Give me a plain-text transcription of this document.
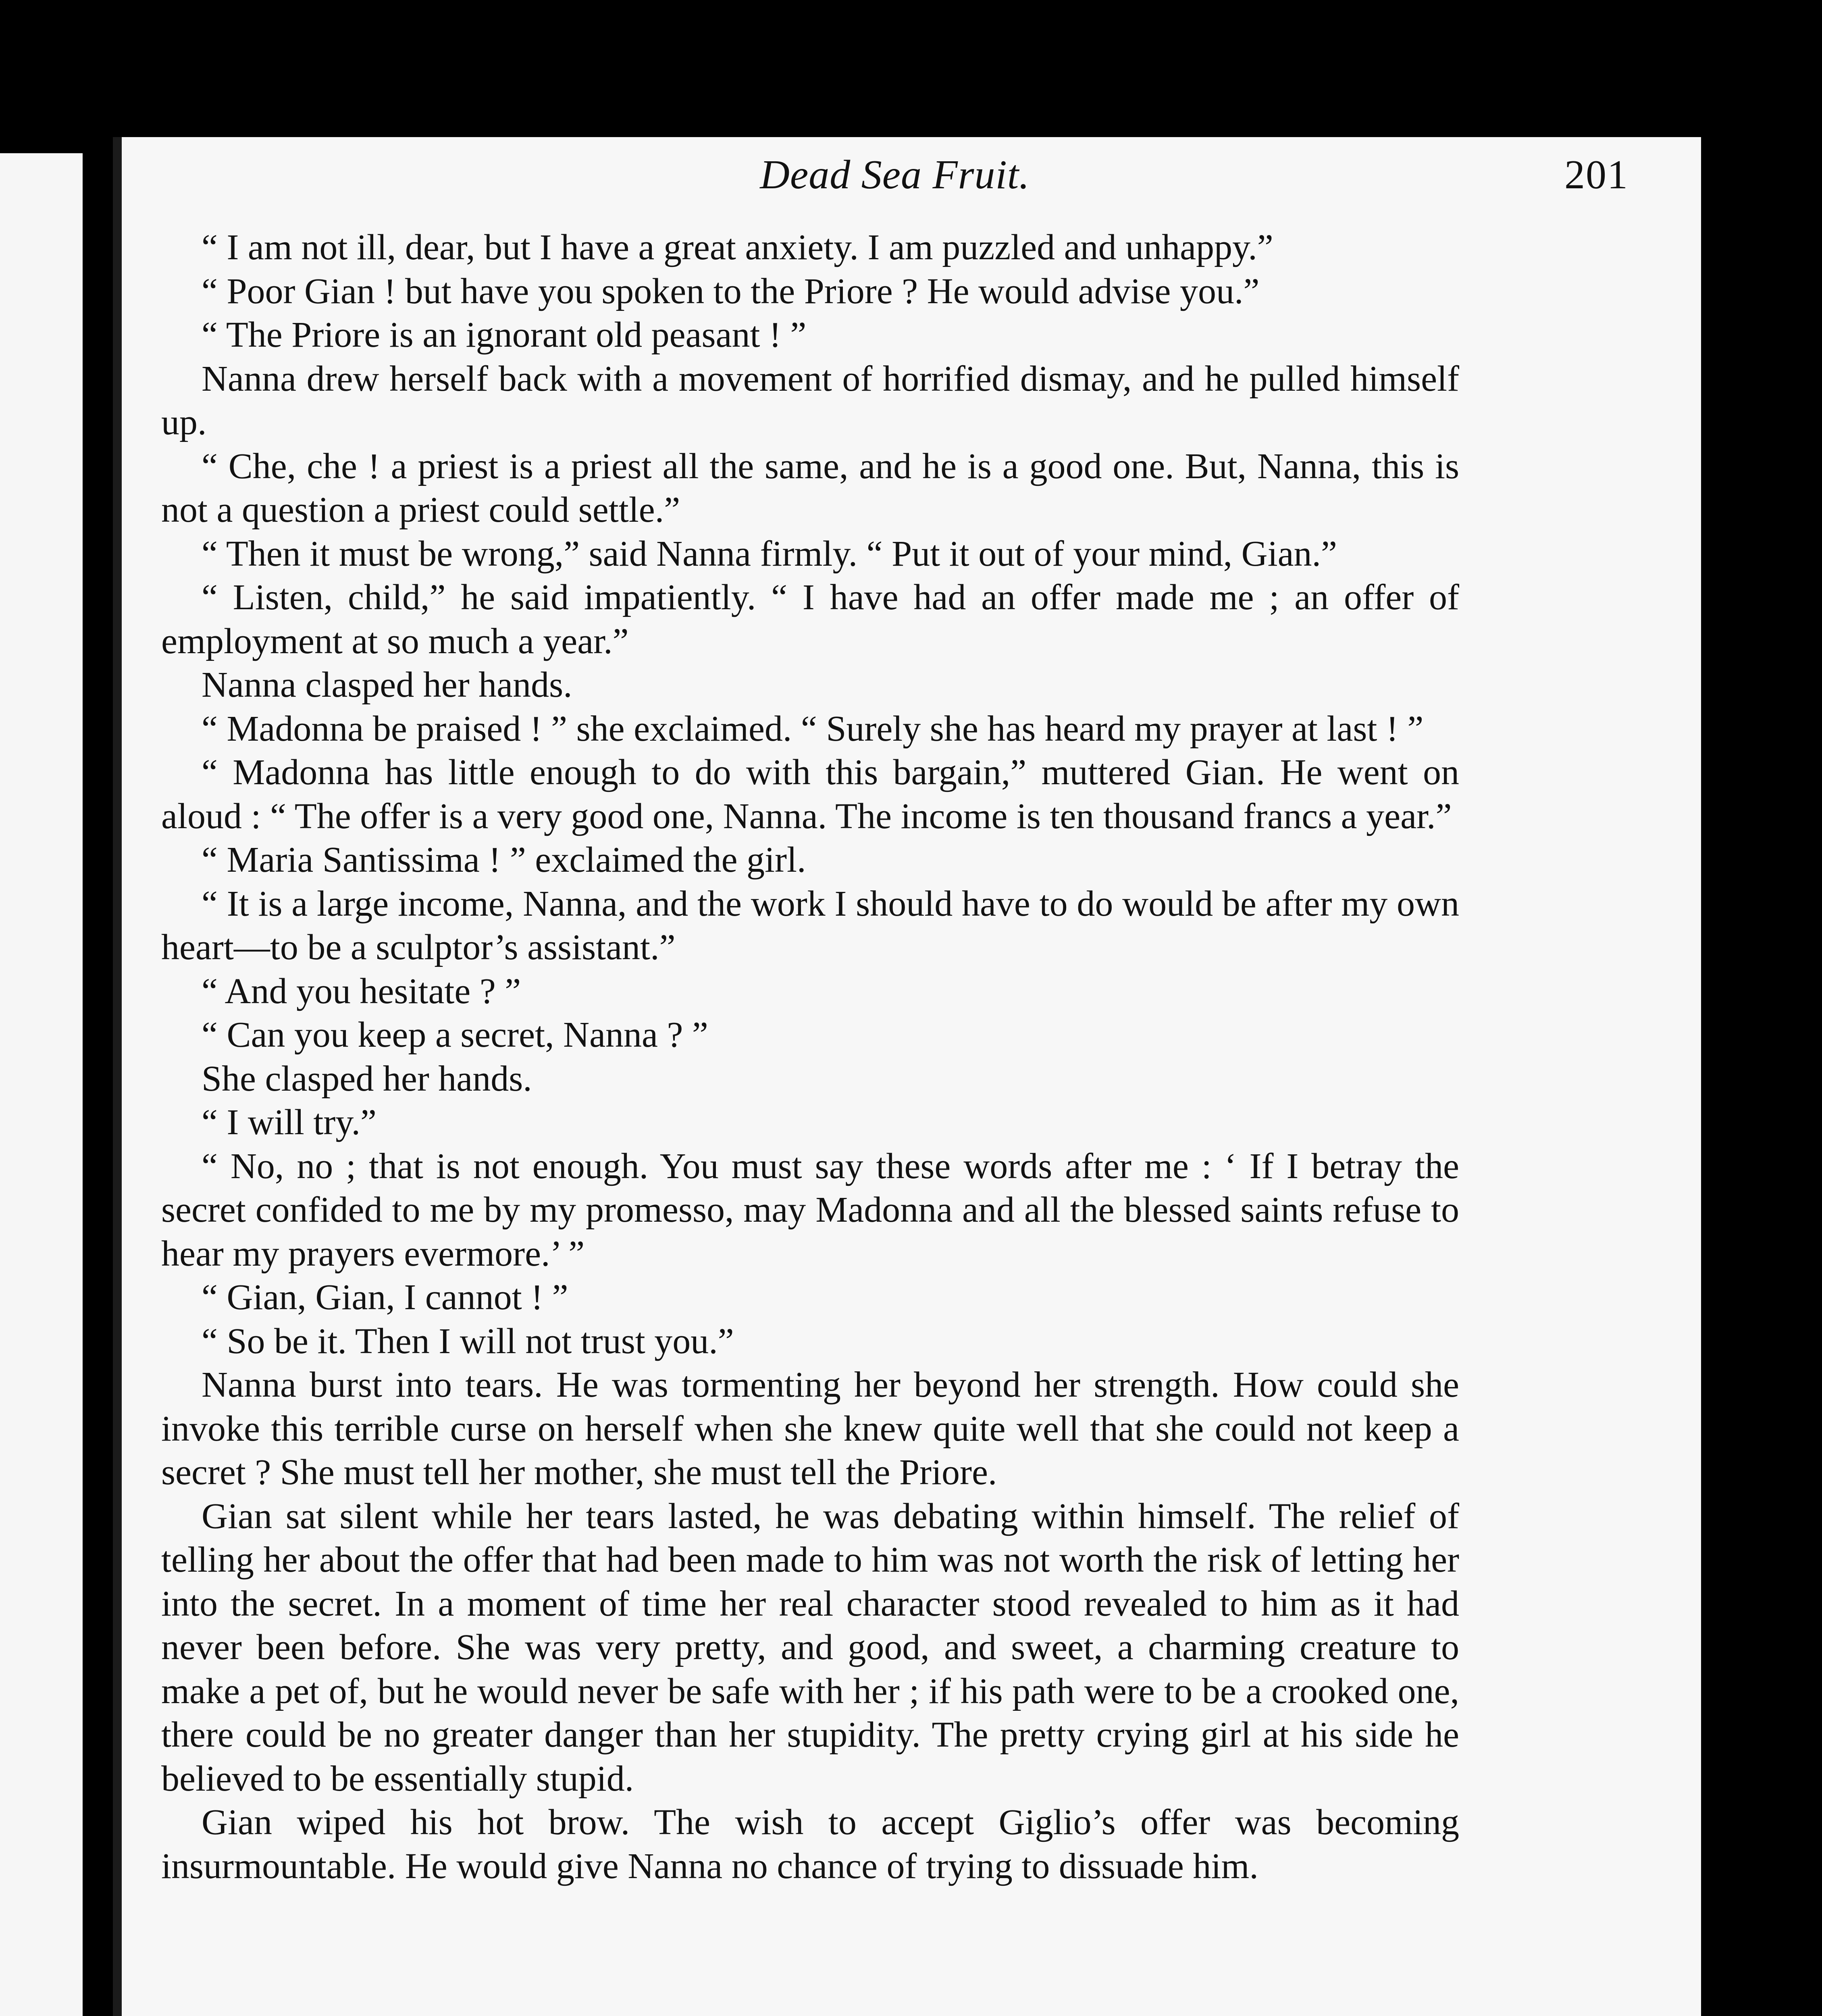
Dead Sea Fruit.	201

“ I am not ill, dear, but I have a great anxiety. I am puzzled and unhappy.”

“ Poor Gian ! but have you spoken to the Priore ? He would advise you.”

“ The Priore is an ignorant old peasant ! ”

Nanna drew herself back with a movement of horrified dismay, and he pulled himself up.

“ Che, che ! a priest is a priest all the same, and he is a good one. But, Nanna, this is not a question a priest could settle.”

“ Then it must be wrong,” said Nanna firmly. “ Put it out of your mind, Gian.”

“ Listen, child,” he said impatiently. “ I have had an offer made me ; an offer of employment at so much a year.”

Nanna clasped her hands.

“ Madonna be praised ! ” she exclaimed. “ Surely she has heard my prayer at last ! ”

“ Madonna has little enough to do with this bargain,” muttered Gian. He went on aloud : “ The offer is a very good one, Nanna. The income is ten thousand francs a year.”

“ Maria Santissima ! ” exclaimed the girl.

“ It is a large income, Nanna, and the work I should have to do would be after my own heart—to be a sculptor’s assistant.”

“ And you hesitate ? ”

“ Can you keep a secret, Nanna ? ”

She clasped her hands.

“ I will try.”

“ No, no ; that is not enough. You must say these words after me : ‘ If I betray the secret confided to me by my promesso, may Madonna and all the blessed saints refuse to hear my prayers evermore.’ ”

“ Gian, Gian, I cannot ! ”

“ So be it. Then I will not trust you.”

Nanna burst into tears. He was tormenting her beyond her strength. How could she invoke this terrible curse on herself when she knew quite well that she could not keep a secret ? She must tell her mother, she must tell the Priore.

Gian sat silent while her tears lasted, he was debating within himself. The relief of telling her about the offer that had been made to him was not worth the risk of letting her into the secret. In a moment of time her real character stood revealed to him as it had never been before. She was very pretty, and good, and sweet, a charming creature to make a pet of, but he would never be safe with her ; if his path were to be a crooked one, there could be no greater danger than her stupidity. The pretty crying girl at his side he believed to be essentially stupid.

Gian wiped his hot brow. The wish to accept Giglio’s offer was becoming insurmountable. He would give Nanna no chance of trying to dissuade him.
